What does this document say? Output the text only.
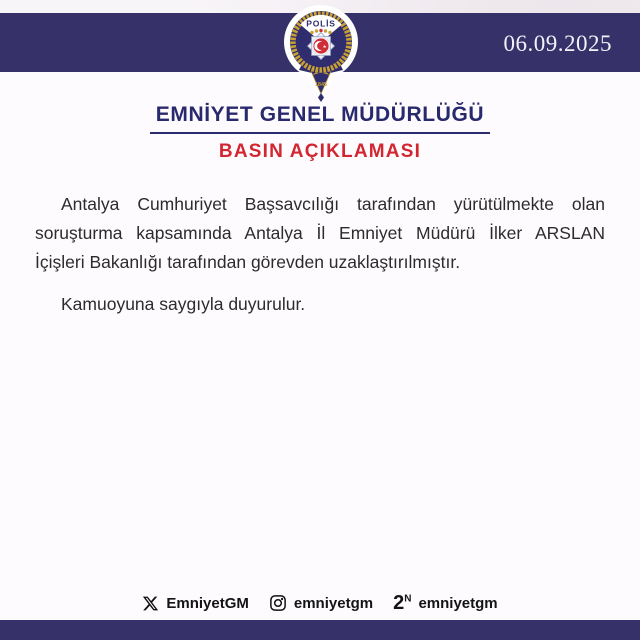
1845
POLİS
★	06.09.2025
EMNİYET GENEL MÜDÜRLÜĞÜ
BASIN AÇIKLAMASI
Antalya Cumhuriyet Başsavcılığı tarafından yürütülmekte olan
soruşturma kapsamında Antalya İl Emniyet Müdürü İlker ARSLAN
İçişleri Bakanlığı tarafından görevden uzaklaştırılmıştır.
Kamuoyuna saygıyla duyurulur.
EmniyetGM	emniyetgm $2^N$ emniyetgm
